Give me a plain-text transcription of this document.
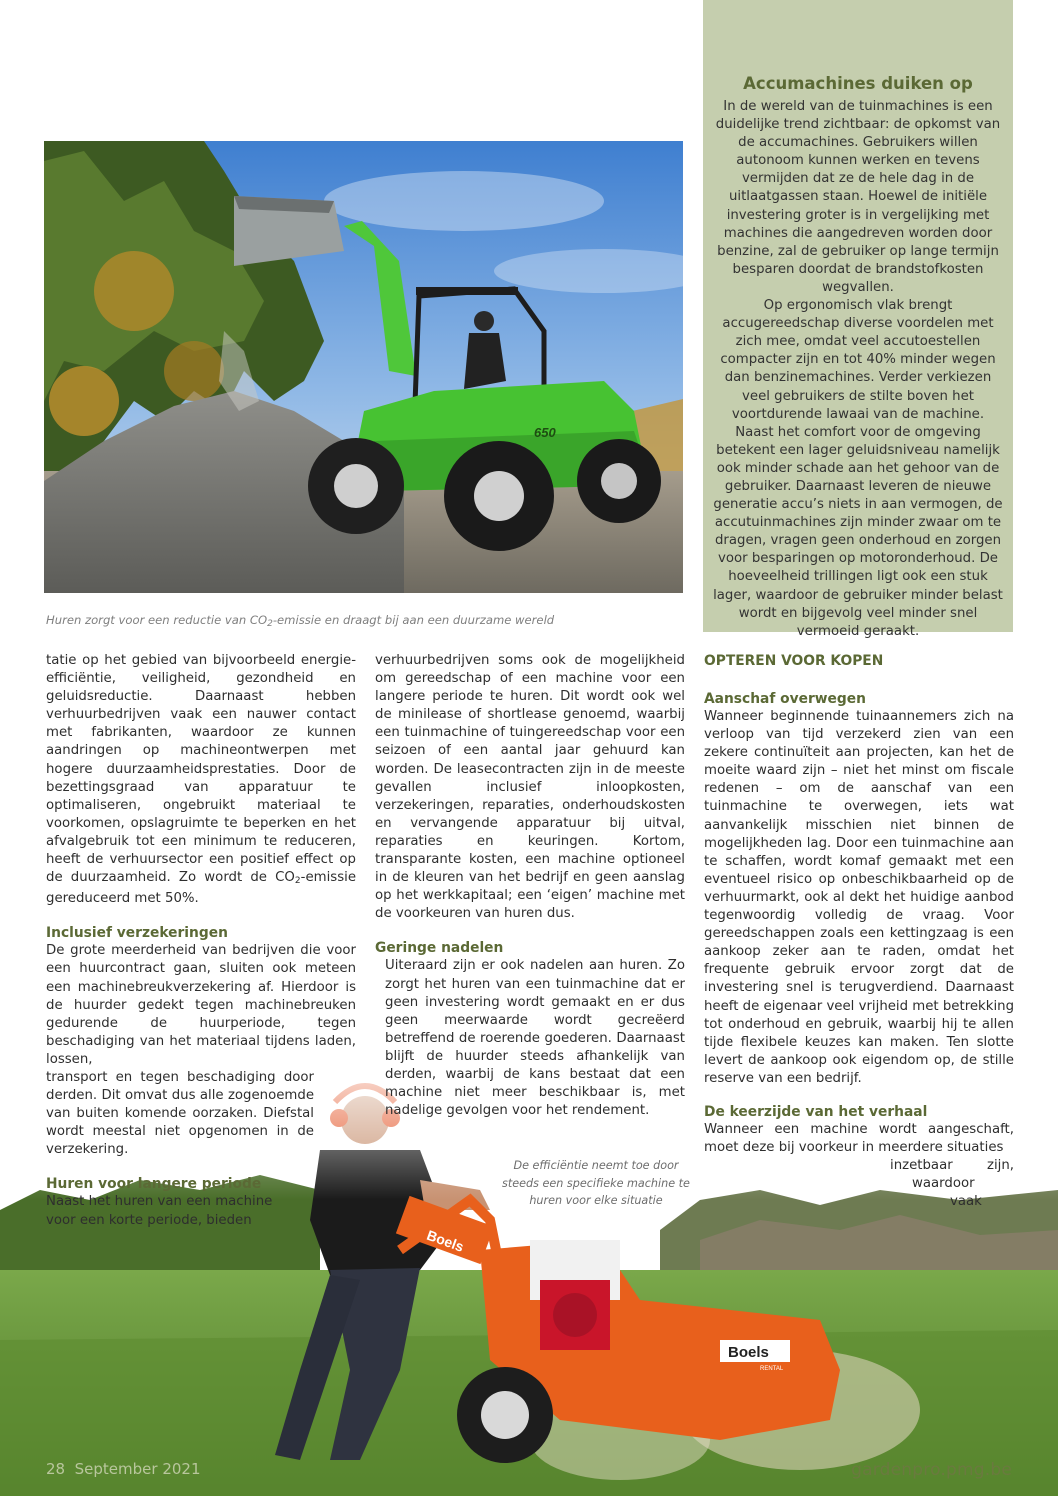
650
Huren zorgt voor een reductie van $CO_2$-emissie en draagt bij aan een duurzame wereld
Accumachines duiken op

In de wereld van de tuinmachines is een duidelijke trend zichtbaar: de opkomst van de accumachines. Gebruikers willen autonoom kunnen werken en tevens vermijden dat ze de hele dag in de uitlaatgassen staan. Hoewel de initiële investering groter is in vergelijking met machines die aangedreven worden door benzine, zal de gebruiker op lange termijn besparen doordat de brandstofkosten wegvallen.

Op ergonomisch vlak brengt accugereedschap diverse voordelen met zich mee, omdat veel accutoestellen compacter zijn en tot 40% minder wegen dan benzinemachines. Verder verkiezen veel gebruikers de stilte boven het voortdurende lawaai van de machine. Naast het comfort voor de omgeving betekent een lager geluidsniveau namelijk ook minder schade aan het gehoor van de gebruiker. Daarnaast leveren de nieuwe generatie accu’s niets in aan vermogen, de accutuinmachines zijn minder zwaar om te dragen, vragen geen onderhoud en zorgen voor besparingen op motoronderhoud. De hoeveelheid trillingen ligt ook een stuk lager, waardoor de gebruiker minder belast wordt en bijgevolg veel minder snel vermoeid geraakt.

tatie op het gebied van bijvoorbeeld energie-efficiëntie, veiligheid, gezondheid en geluidsreductie. Daarnaast hebben verhuurbedrijven vaak een nauwer contact met fabrikanten, waardoor ze kunnen aandringen op machineontwerpen met hogere duurzaamheidsprestaties. Door de bezettingsgraad van apparatuur te optimaliseren, ongebruikt materiaal te voorkomen, opslagruimte te beperken en het afvalgebruik tot een minimum te reduceren, heeft de verhuursector een positief effect op de duurzaamheid. Zo wordt de $CO_2$-emissie gereduceerd met 50%.

Inclusief verzekeringen

De grote meerderheid van bedrijven die voor een huurcontract gaan, sluiten ook meteen een machinebreukverzekering af. Hierdoor is de huurder gedekt tegen machinebreuken gedurende de huurperiode, tegen beschadiging van het materiaal tijdens laden, lossen,

transport en tegen beschadiging door derden. Dit omvat dus alle zogenoemde van buiten komende oorzaken. Diefstal wordt meestal niet opgenomen in de verzekering.

Huren voor langere periode

Naast het huren van een machine voor een korte periode, bieden

verhuurbedrijven soms ook de mogelijkheid om gereedschap of een machine voor een langere periode te huren. Dit wordt ook wel de minilease of shortlease genoemd, waarbij een tuinmachine of tuingereedschap voor een seizoen of een aantal jaar gehuurd kan worden. De leasecontracten zijn in de meeste gevallen inclusief inloopkosten, verzekeringen, reparaties, onderhoudskosten en vervangende apparatuur bij uitval, reparaties en keuringen. Kortom, transparante kosten, een machine optioneel in de kleuren van het bedrijf en geen aanslag op het werkkapitaal; een ‘eigen’ machine met de voorkeuren van huren dus.

Geringe nadelen

Uiteraard zijn er ook nadelen aan huren. Zo zorgt het huren van een tuinmachine dat er geen investering wordt gemaakt en er dus geen meerwaarde wordt gecreëerd betreffend de roerende goederen. Daarnaast blijft de huurder steeds afhankelijk van derden, waarbij de kans bestaat dat een machine niet meer beschikbaar is, met nadelige gevolgen voor het rendement.

De efficiëntie neemt toe door steeds een specifieke machine te huren voor elke situatie
OPTEREN VOOR KOPEN
Aanschaf overwegen

Wanneer beginnende tuinaannemers zich na verloop van tijd verzekerd zien van een zekere continuïteit aan projecten, kan het de moeite waard zijn – niet het minst om fiscale redenen – om de aanschaf van een tuinmachine te overwegen, iets wat aanvankelijk misschien niet binnen de mogelijkheden lag. Door een tuinmachine aan te schaffen, wordt komaf gemaakt met een eventueel risico op onbeschikbaarheid op de verhuurmarkt, ook al dekt het huidige aanbod tegenwoordig volledig de vraag. Voor gereedschappen zoals een kettingzaag is een aankoop zeker aan te raden, omdat het frequente gebruik ervoor zorgt dat de investering snel is terugverdiend. Daarnaast heeft de eigenaar veel vrijheid met betrekking tot onderhoud en gebruik, waarbij hij te allen tijde flexibele keuzes kan maken. Ten slotte levert de aankoop ook eigendom op, de stille reserve van een bedrijf.

De keerzijde van het verhaal

Wanneer een machine wordt aangeschaft, moet deze bij voorkeur in meerdere situaties

inzetbaar zijn,

waardoor

vaak

28 September 2021	gardenpro.pmg.be
